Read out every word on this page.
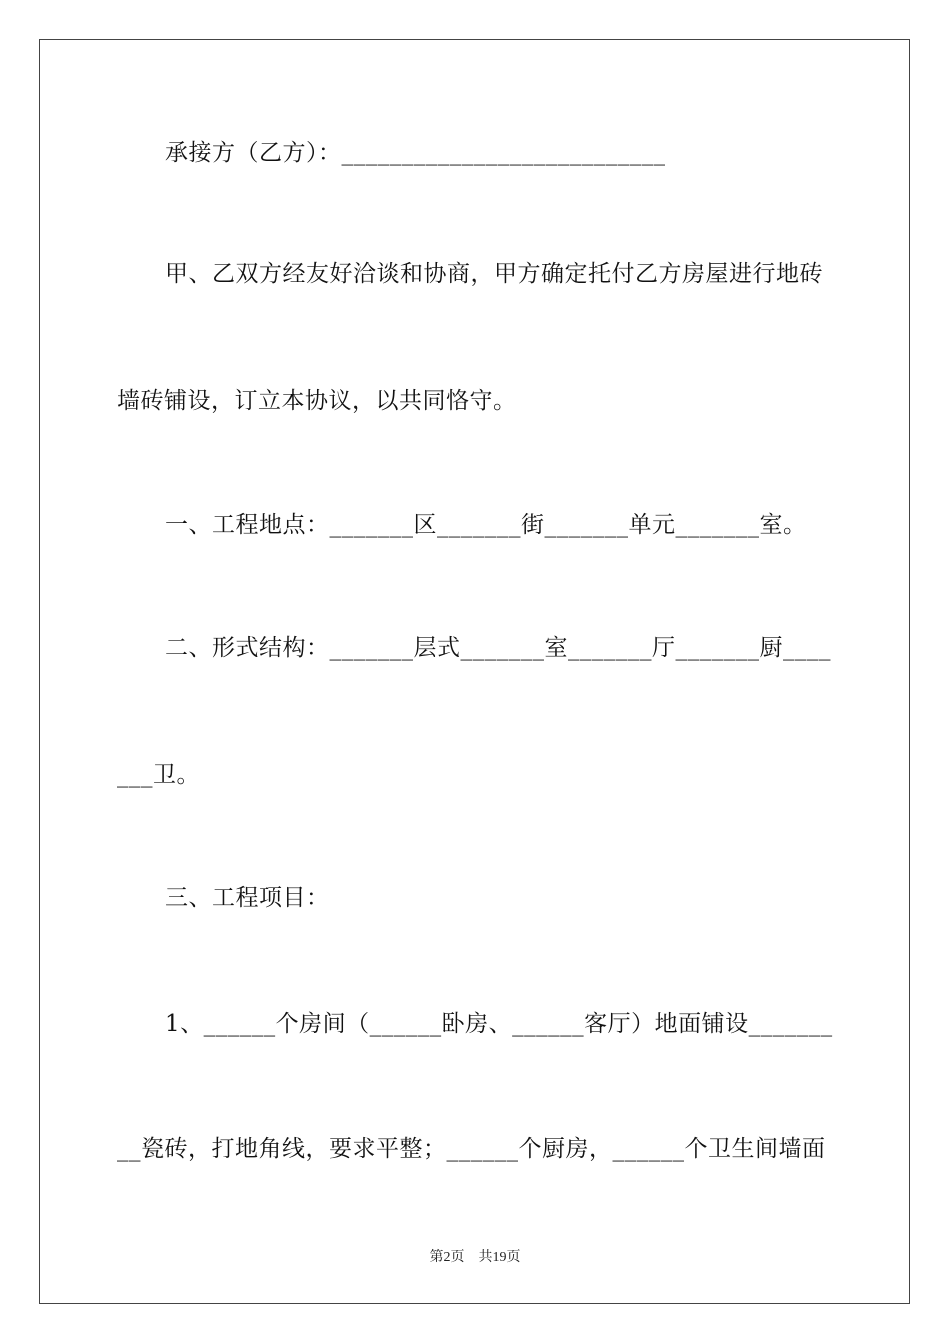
承接方（乙方）：___________________________
甲、乙双方经友好洽谈和协商，甲方确定托付乙方房屋进行地砖
墙砖铺设，订立本协议，以共同恪守。
一、工程地点：_______区_______街_______单元_______室。
二、形式结构：_______层式_______室_______厅_______厨____
___卫。
三、工程项目：
1、______个房间（______卧房、______客厅）地面铺设_______
__瓷砖，打地角线，要求平整；______个厨房，______个卫生间墙面
第2页　共19页
